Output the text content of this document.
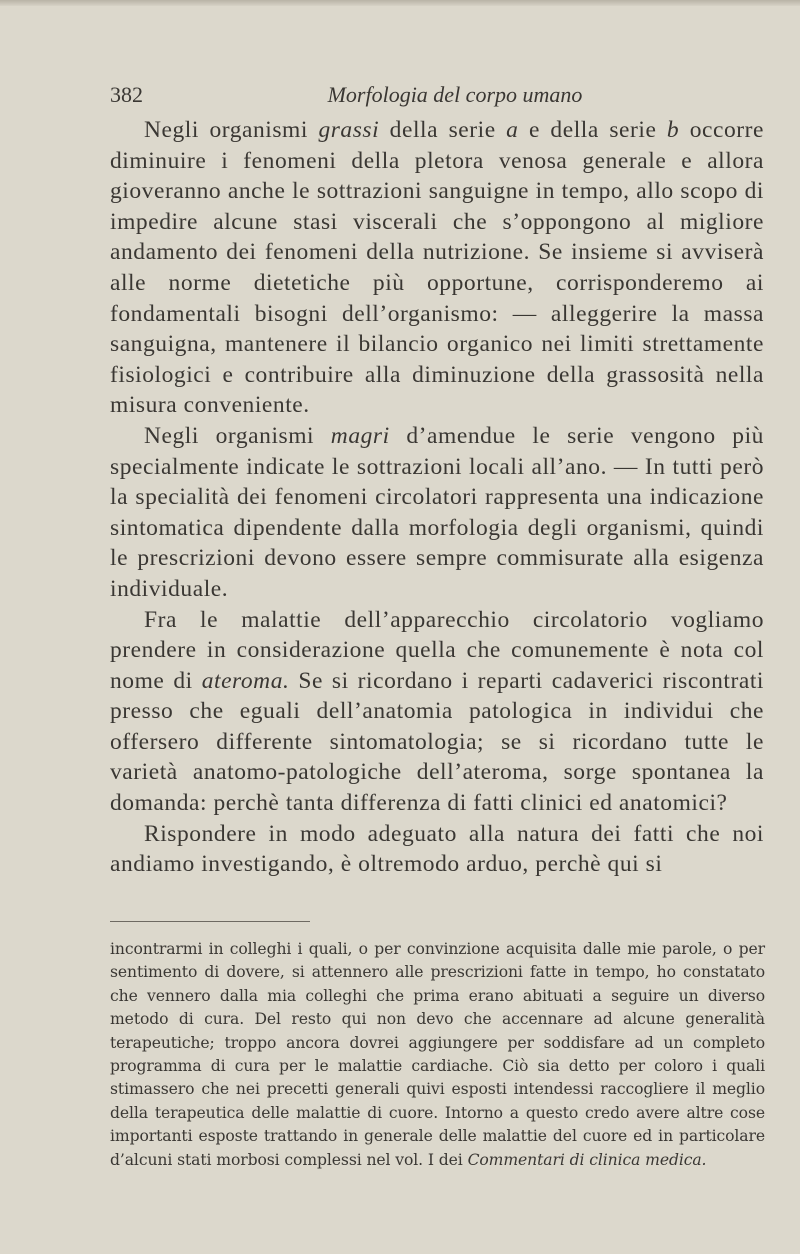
382	Morfologia del corpo umano

Negli organismi grassi della serie a e della serie b occorre diminuire i fenomeni della pletora venosa generale e allora gioveranno anche le sottrazioni sanguigne in tempo, allo scopo di impedire alcune stasi viscerali che s’oppongono al migliore andamento dei fenomeni della nutrizione. Se insieme si avviserà alle norme dietetiche più opportune, corrisponderemo ai fondamentali bisogni dell’organismo: — alleggerire la massa sanguigna, mantenere il bilancio organico nei limiti strettamente fisiologici e contribuire alla diminuzione della grassosità nella misura conveniente.

Negli organismi magri d’amendue le serie vengono più specialmente indicate le sottrazioni locali all’ano. — In tutti però la specialità dei fenomeni circolatori rappresenta una indicazione sintomatica dipendente dalla morfologia degli organismi, quindi le prescrizioni devono essere sempre commisurate alla esigenza individuale.

Fra le malattie dell’apparecchio circolatorio vogliamo prendere in considerazione quella che comunemente è nota col nome di ateroma. Se si ricordano i reparti cadaverici riscontrati presso che eguali dell’anatomia patologica in individui che offersero differente sintomatologia; se si ricordano tutte le varietà anatomo-patologiche dell’ateroma, sorge spontanea la domanda: perchè tanta differenza di fatti clinici ed anatomici?

Rispondere in modo adeguato alla natura dei fatti che noi andiamo investigando, è oltremodo arduo, perchè qui si

incontrarmi in colleghi i quali, o per convinzione acquisita dalle mie parole, o per sentimento di dovere, si attennero alle prescrizioni fatte in tempo, ho constatato che vennero dalla mia colleghi che prima erano abituati a seguire un diverso metodo di cura. Del resto qui non devo che accennare ad alcune generalità terapeutiche; troppo ancora dovrei aggiungere per soddisfare ad un completo programma di cura per le malattie cardiache. Ciò sia detto per coloro i quali stimassero che nei precetti generali quivi esposti intendessi raccogliere il meglio della terapeutica delle malattie di cuore. Intorno a questo credo avere altre cose importanti esposte trattando in generale delle malattie del cuore ed in particolare d’alcuni stati morbosi complessi nel vol. I dei Commentari di clinica medica.
